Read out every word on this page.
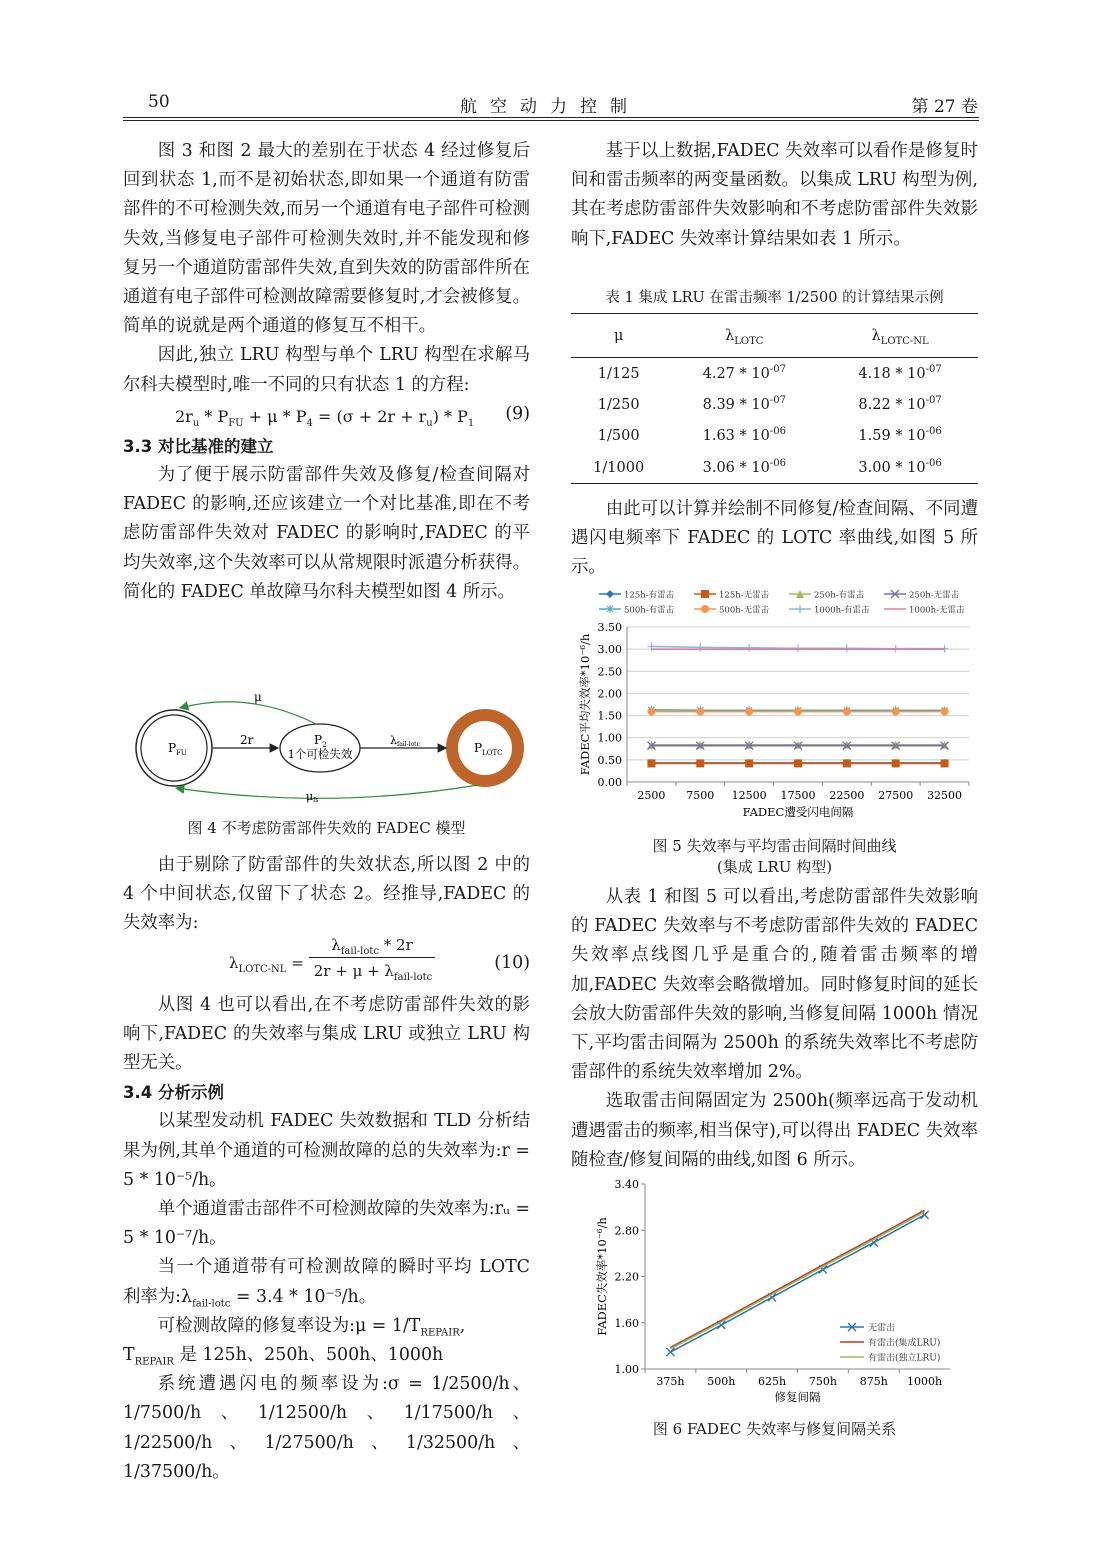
50	航空动力控制	第 27 卷

图 3 和图 2 最大的差别在于状态 4 经过修复后回到状态 1,而不是初始状态,即如果一个通道有防雷部件的不可检测失效,而另一个通道有电子部件可检测失效,当修复电子部件可检测失效时,并不能发现和修复另一个通道防雷部件失效,直到失效的防雷部件所在通道有电子部件可检测故障需要修复时,才会被修复。简单的说就是两个通道的修复互不相干。

因此,独立 LRU 构型与单个 LRU 构型在求解马尔科夫模型时,唯一不同的只有状态 1 的方程:

$2r_u * P_{FU} + \mu * P_4 = (\sigma + 2r + r_u) * P_1$ (9)

3.3 对比基准的建立

为了便于展示防雷部件失效及修复/检查间隔对 FADEC 的影响,还应该建立一个对比基准,即在不考虑防雷部件失效对 FADEC 的影响时,FADEC 的平均失效率,这个失效率可以从常规限时派遣分析获得。简化的 FADEC 单故障马尔科夫模型如图 4 所示。

$P_{FU}$
$P_2$
1个可检失效	$P_{LOTC}$
2r	λfail-lotc
μ
μfs
图 4 不考虑防雷部件失效的 FADEC 模型

由于剔除了防雷部件的失效状态,所以图 2 中的 4 个中间状态,仅留下了状态 2。经推导,FADEC 的失效率为:

$\lambda_{LOTC-NL}$ =
$\lambda_{fail-lotc} * 2r$
$2r + \mu + \lambda_{fail-lotc}$
(10)

从图 4 也可以看出,在不考虑防雷部件失效的影响下,FADEC 的失效率与集成 LRU 或独立 LRU 构型无关。

3.4 分析示例

以某型发动机 FADEC 失效数据和 TLD 分析结果为例,其单个通道的可检测故障的总的失效率为:r = 5 * 10⁻⁵/h。

单个通道雷击部件不可检测故障的失效率为:rᵤ = 5 * 10⁻⁷/h。

当一个通道带有可检测故障的瞬时平均 LOTC 利率为$:\lambda_{fail-lotc} = 3.4 * 10^{-5}/h$。

可检测故障的修复率设为:μ = $1/T_{REPAIR}$,

$T_{REPAIR}$ 是 125h、250h、500h、1000h

系统遭遇闪电的频率设为:σ = 1/2500/h、1/7500/h、1/12500/h、1/17500/h、1/22500/h、1/27500/h、1/32500/h、1/37500/h。

基于以上数据,FADEC 失效率可以看作是修复时间和雷击频率的两变量函数。以集成 LRU 构型为例,其在考虑防雷部件失效影响和不考虑防雷部件失效影响下,FADEC 失效率计算结果如表 1 所示。

表 1 集成 LRU 在雷击频率 1/2500 的计算结果示例
μ	$\lambda_{LOTC}$	$\lambda_{LOTC-NL}$
1/125	$4.27 * 10^{-07}$	$4.18 * 10^{-07}$
1/250	$8.39 * 10^{-07}$	$8.22 * 10^{-07}$
1/500	$1.63 * 10^{-06}$	$1.59 * 10^{-06}$
1/1000	$3.06 * 10^{-06}$	$3.00 * 10^{-06}$

由此可以计算并绘制不同修复/检查间隔、不同遭遇闪电频率下 FADEC 的 LOTC 率曲线,如图 5 所示。

125h-有雷击	125h-无雷击	250h-有雷击	250h-无雷击
500h-有雷击	500h-无雷击	1000h-有雷击	1000h-无雷击
0.00
0.50
1.00
1.50
2.00
2.50
3.00
3.50
2500 7500 12500 17500 22500 27500 32500
FADEC遭受闪电间隔
FADEC平均失效率*10⁻⁶/h
图 5 失效率与平均雷击间隔时间曲线
(集成 LRU 构型)

从表 1 和图 5 可以看出,考虑防雷部件失效影响的 FADEC 失效率与不考虑防雷部件失效的 FADEC 失效率点线图几乎是重合的,随着雷击频率的增加,FADEC 失效率会略微增加。同时修复时间的延长会放大防雷部件失效的影响,当修复间隔 1000h 情况下,平均雷击间隔为 2500h 的系统失效率比不考虑防雷部件的系统失效率增加 2%。

选取雷击间隔固定为 2500h(频率远高于发动机遭遇雷击的频率,相当保守),可以得出 FADEC 失效率随检查/修复间隔的曲线,如图 6 所示。

1.00
1.60
2.20
2.80
3.40
375h 500h 625h 750h 875h 1000h
修复间隔
FADEC失效率*10⁻⁶/h	无雷击
有雷击(集成LRU)
有雷击(独立LRU)
图 6 FADEC 失效率与修复间隔关系
